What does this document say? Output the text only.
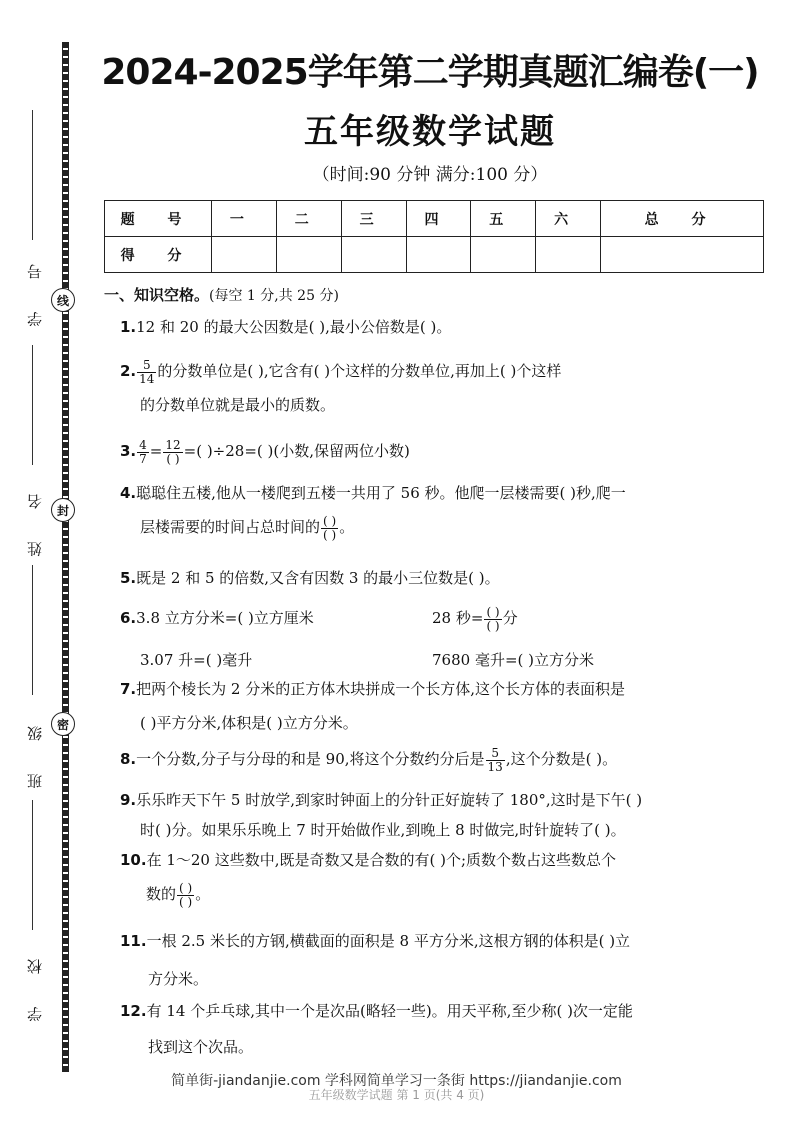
线
封
密
学 号
姓 名
班 级
学 校
2024-2025学年第二学期真题汇编卷(一)
五年级数学试题
（时间:90 分钟 满分:100 分）
题 号	一	二	三	四	五	六	总 分
得 分							
一、知识空格。(每空 1 分,共 25 分)
1.12 和 20 的最大公因数是( ),最小公倍数是( )。
2. $\frac{5}{14}$ 的分数单位是( ),它含有( )个这样的分数单位,再加上( )个这样
的分数单位就是最小的质数。
3. $\frac{4}{7} = \frac{12}{( )}$ =( )÷28=( )(小数,保留两位小数)
4.聪聪住五楼,他从一楼爬到五楼一共用了 56 秒。他爬一层楼需要( )秒,爬一
层楼需要的时间占总时间的 $\frac{( )}{( )}$ 。
5.既是 2 和 5 的倍数,又含有因数 3 的最小三位数是( )。
6.3.8 立方分米=( )立方厘米	28 秒= $\frac{( )}{( )}$ 分
3.07 升=( )毫升	7680 毫升=( )立方分米
7.把两个棱长为 2 分米的正方体木块拼成一个长方体,这个长方体的表面积是
( )平方分米,体积是( )立方分米。
8.一个分数,分子与分母的和是 90,将这个分数约分后是 $\frac{5}{13}$ ,这个分数是( )。
9.乐乐昨天下午 5 时放学,到家时钟面上的分针正好旋转了 180°,这时是下午( )
时( )分。如果乐乐晚上 7 时开始做作业,到晚上 8 时做完,时针旋转了( )。
10.在 1～20 这些数中,既是奇数又是合数的有( )个;质数个数占这些数总个
数的 $\frac{( )}{( )}$ 。
11.一根 2.5 米长的方钢,横截面的面积是 8 平方分米,这根方钢的体积是( )立
方分米。
12.有 14 个乒乓球,其中一个是次品(略轻一些)。用天平称,至少称( )次一定能
找到这个次品。
简单街-jiandanjie.com 学科网简单学习一条街 https://jiandanjie.com
五年级数学试题 第 1 页(共 4 页)
